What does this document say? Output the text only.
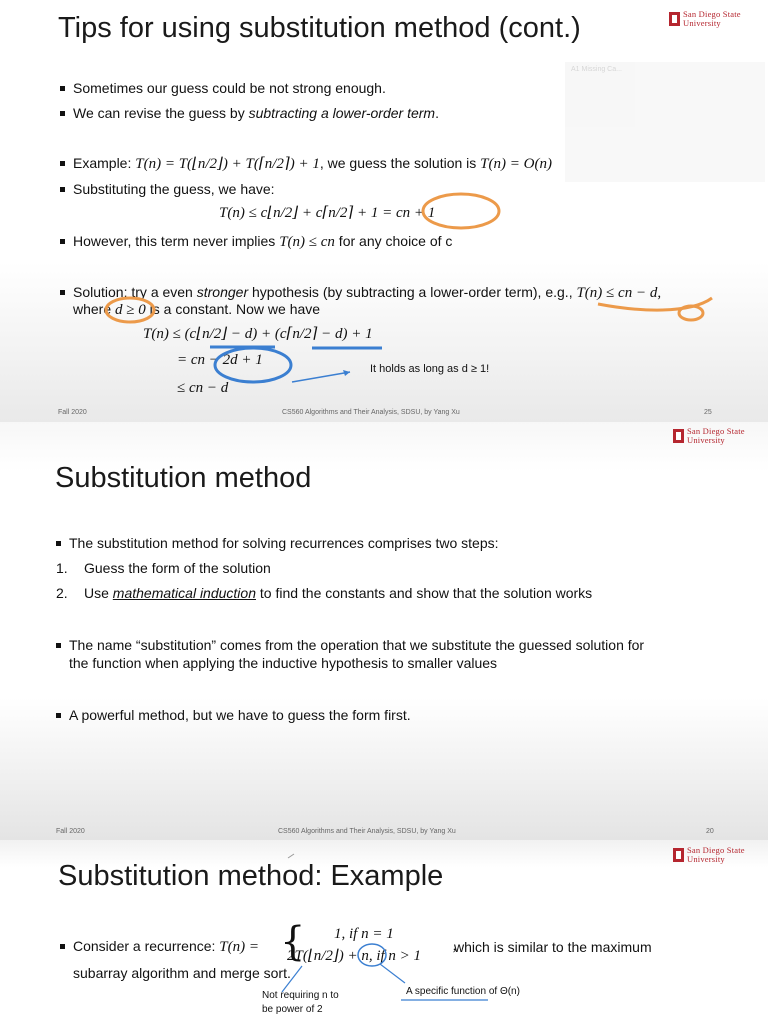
A1 Missing Ca...
Tips for using substitution method (cont.)	San Diego State
University
Sometimes our guess could be not strong enough.
We can revise the guess by subtracting a lower-order term.
Example: T(n) = T(⌊n/2⌋) + T(⌈n/2⌉) + 1, we guess the solution is T(n) = O(n)
Substituting the guess, we have:
T(n) ≤ c⌊n/2⌋ + c⌈n/2⌉ + 1 = cn + 1
However, this term never implies T(n) ≤ cn for any choice of c
Solution: try a even stronger hypothesis (by subtracting a lower-order term), e.g., T(n) ≤ cn − d,
where d ≥ 0 is a constant. Now we have
T(n) ≤ (c⌊n/2⌋ − d) + (c⌈n/2⌉ − d) + 1
= cn − 2d + 1
≤ cn − d
It holds as long as d ≥ 1!
Fall 2020	CS560 Algorithms and Their Analysis, SDSU, by Yang Xu	25
Substitution method
San Diego State
University
The substitution method for solving recurrences comprises two steps:
1. Guess the form of the solution
2. Use mathematical induction to find the constants and show that the solution works
The name “substitution” comes from the operation that we substitute the guessed solution for
the function when applying the inductive hypothesis to smaller values
A powerful method, but we have to guess the form first.
Fall 2020	CS560 Algorithms and Their Analysis, SDSU, by Yang Xu	20
Substitution method: Example
San Diego State
University
Consider a recurrence: T(n) = { 1, if n = 1
2T(⌊n/2⌋) + n, if n > 1 ’
which is similar to the maximum
subarray algorithm and merge sort.
Not requiring n to
be power of 2
A specific function of Θ(n)
